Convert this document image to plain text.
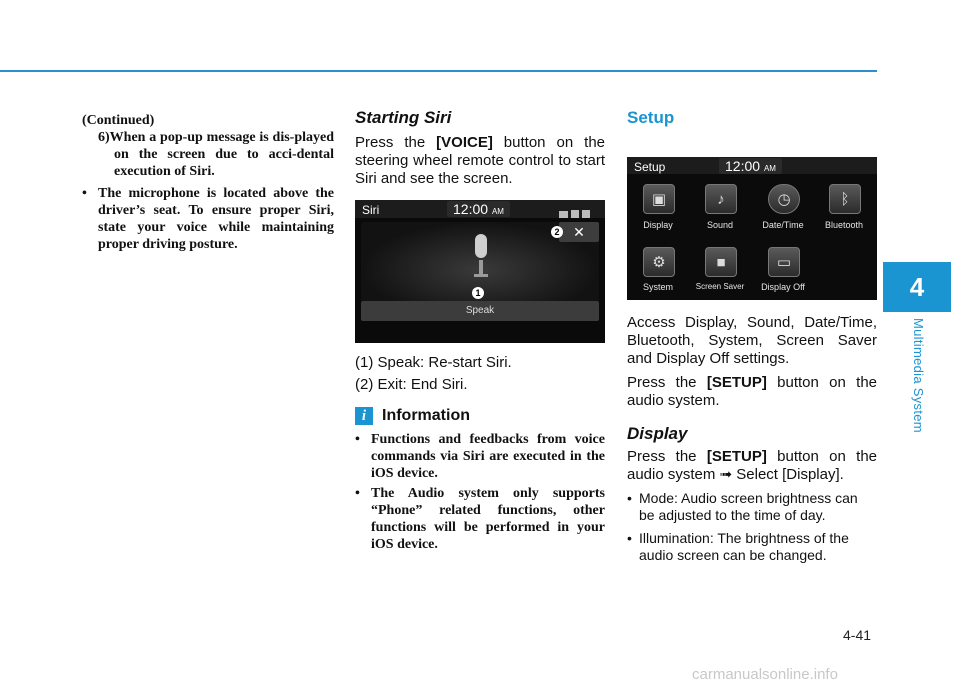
4
Multimedia System
(Continued)
6)When a pop-up message is dis-played on the screen due to acci-dental execution of Siri.
• The microphone is located above the driver’s seat. To ensure proper Siri, state your voice while maintaining proper driving posture.
Starting Siri

Press the [VOICE] button on the steering wheel remote control to start Siri and see the screen.

Siri	12:00 AM
✕
2
1
Speak

(1) Speak: Re-start Siri.

(2) Exit: End Siri.

i Information
• Functions and feedbacks from voice commands via Siri are executed in the iOS device.
• The Audio system only supports “Phone” related functions, other functions will be performed in your iOS device.
Setup
Setup	12:00 AM
▣
Display
♪
Sound
◷
Date/Time
ᛒ
Bluetooth
⚙
System
■
Screen Saver
▭
Display Off

Access Display, Sound, Date/Time, Bluetooth, System, Screen Saver and Display Off settings.

Press the [SETUP] button on the audio system.

Display

Press the [SETUP] button on the audio system ➟ Select [Display].

• Mode: Audio screen brightness can be adjusted to the time of day.
• Illumination: The brightness of the audio screen can be changed.
4-41
carmanualsonline.info
